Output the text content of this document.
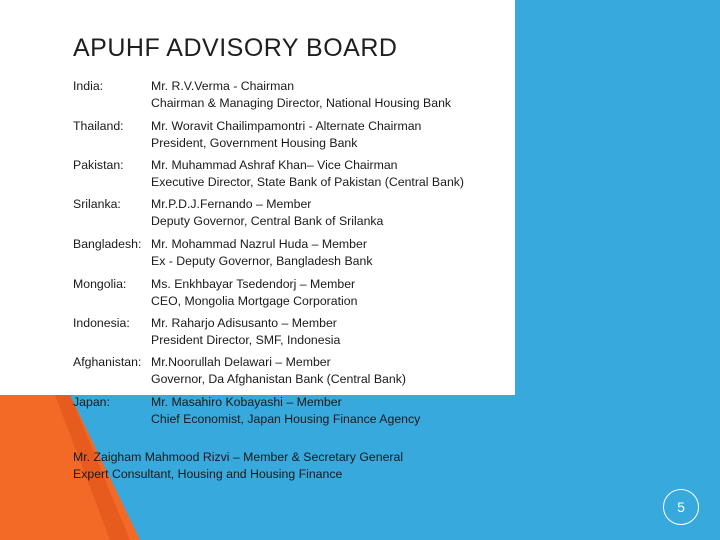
APUHF ADVISORY BOARD
India:	Mr. R.V.Verma - Chairman
Chairman & Managing Director, National Housing Bank
Thailand: Mr. Woravit Chailimpamontri - Alternate Chairman
President, Government Housing Bank
Pakistan: Mr. Muhammad Ashraf Khan– Vice Chairman
Executive Director, State Bank of Pakistan (Central Bank)
Srilanka: Mr.P.D.J.Fernando – Member
Deputy Governor, Central Bank of Srilanka
Bangladesh: Mr. Mohammad Nazrul Huda – Member
Ex - Deputy Governor, Bangladesh Bank
Mongolia: Ms. Enkhbayar Tsedendorj – Member
CEO, Mongolia Mortgage Corporation
Indonesia: Mr. Raharjo Adisusanto – Member
President Director, SMF, Indonesia
Afghanistan: Mr.Noorullah Delawari – Member
Governor, Da Afghanistan Bank (Central Bank)
Japan:	Mr. Masahiro Kobayashi – Member
Chief Economist, Japan Housing Finance Agency
Mr. Zaigham Mahmood Rizvi – Member & Secretary General
Expert Consultant, Housing and Housing Finance
5
